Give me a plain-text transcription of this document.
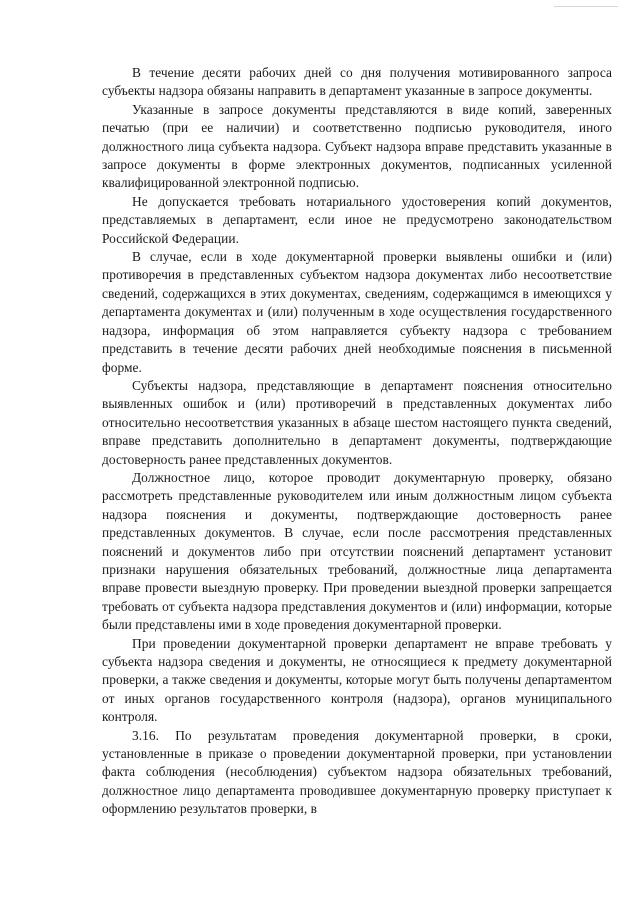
В течение десяти рабочих дней со дня получения мотивированного запроса субъекты надзора обязаны направить в департамент указанные в запросе документы.

Указанные в запросе документы представляются в виде копий, заверенных печатью (при ее наличии) и соответственно подписью руководителя, иного должностного лица субъекта надзора. Субъект надзора вправе представить указанные в запросе документы в форме электронных документов, подписанных усиленной квалифицированной электронной подписью.

Не допускается требовать нотариального удостоверения копий документов, представляемых в департамент, если иное не предусмотрено законодательством Российской Федерации.

В случае, если в ходе документарной проверки выявлены ошибки и (или) противоречия в представленных субъектом надзора документах либо несоответствие сведений, содержащихся в этих документах, сведениям, содержащимся в имеющихся у департамента документах и (или) полученным в ходе осуществления государственного надзора, информация об этом направляется субъекту надзора с требованием представить в течение десяти рабочих дней необходимые пояснения в письменной форме.

Субъекты надзора, представляющие в департамент пояснения относительно выявленных ошибок и (или) противоречий в представленных документах либо относительно несоответствия указанных в абзаце шестом настоящего пункта сведений, вправе представить дополнительно в департамент документы, подтверждающие достоверность ранее представленных документов.

Должностное лицо, которое проводит документарную проверку, обязано рассмотреть представленные руководителем или иным должностным лицом субъекта надзора пояснения и документы, подтверждающие достоверность ранее представленных документов. В случае, если после рассмотрения представленных пояснений и документов либо при отсутствии пояснений департамент установит признаки нарушения обязательных требований, должностные лица департамента вправе провести выездную проверку. При проведении выездной проверки запрещается требовать от субъекта надзора представления документов и (или) информации, которые были представлены ими в ходе проведения документарной проверки.

При проведении документарной проверки департамент не вправе требовать у субъекта надзора сведения и документы, не относящиеся к предмету документарной проверки, а также сведения и документы, которые могут быть получены департаментом от иных органов государственного контроля (надзора), органов муниципального контроля.

3.16. По результатам проведения документарной проверки, в сроки, установленные в приказе о проведении документарной проверки, при установлении факта соблюдения (несоблюдения) субъектом надзора обязательных требований, должностное лицо департамента проводившее документарную проверку приступает к оформлению результатов проверки, в
